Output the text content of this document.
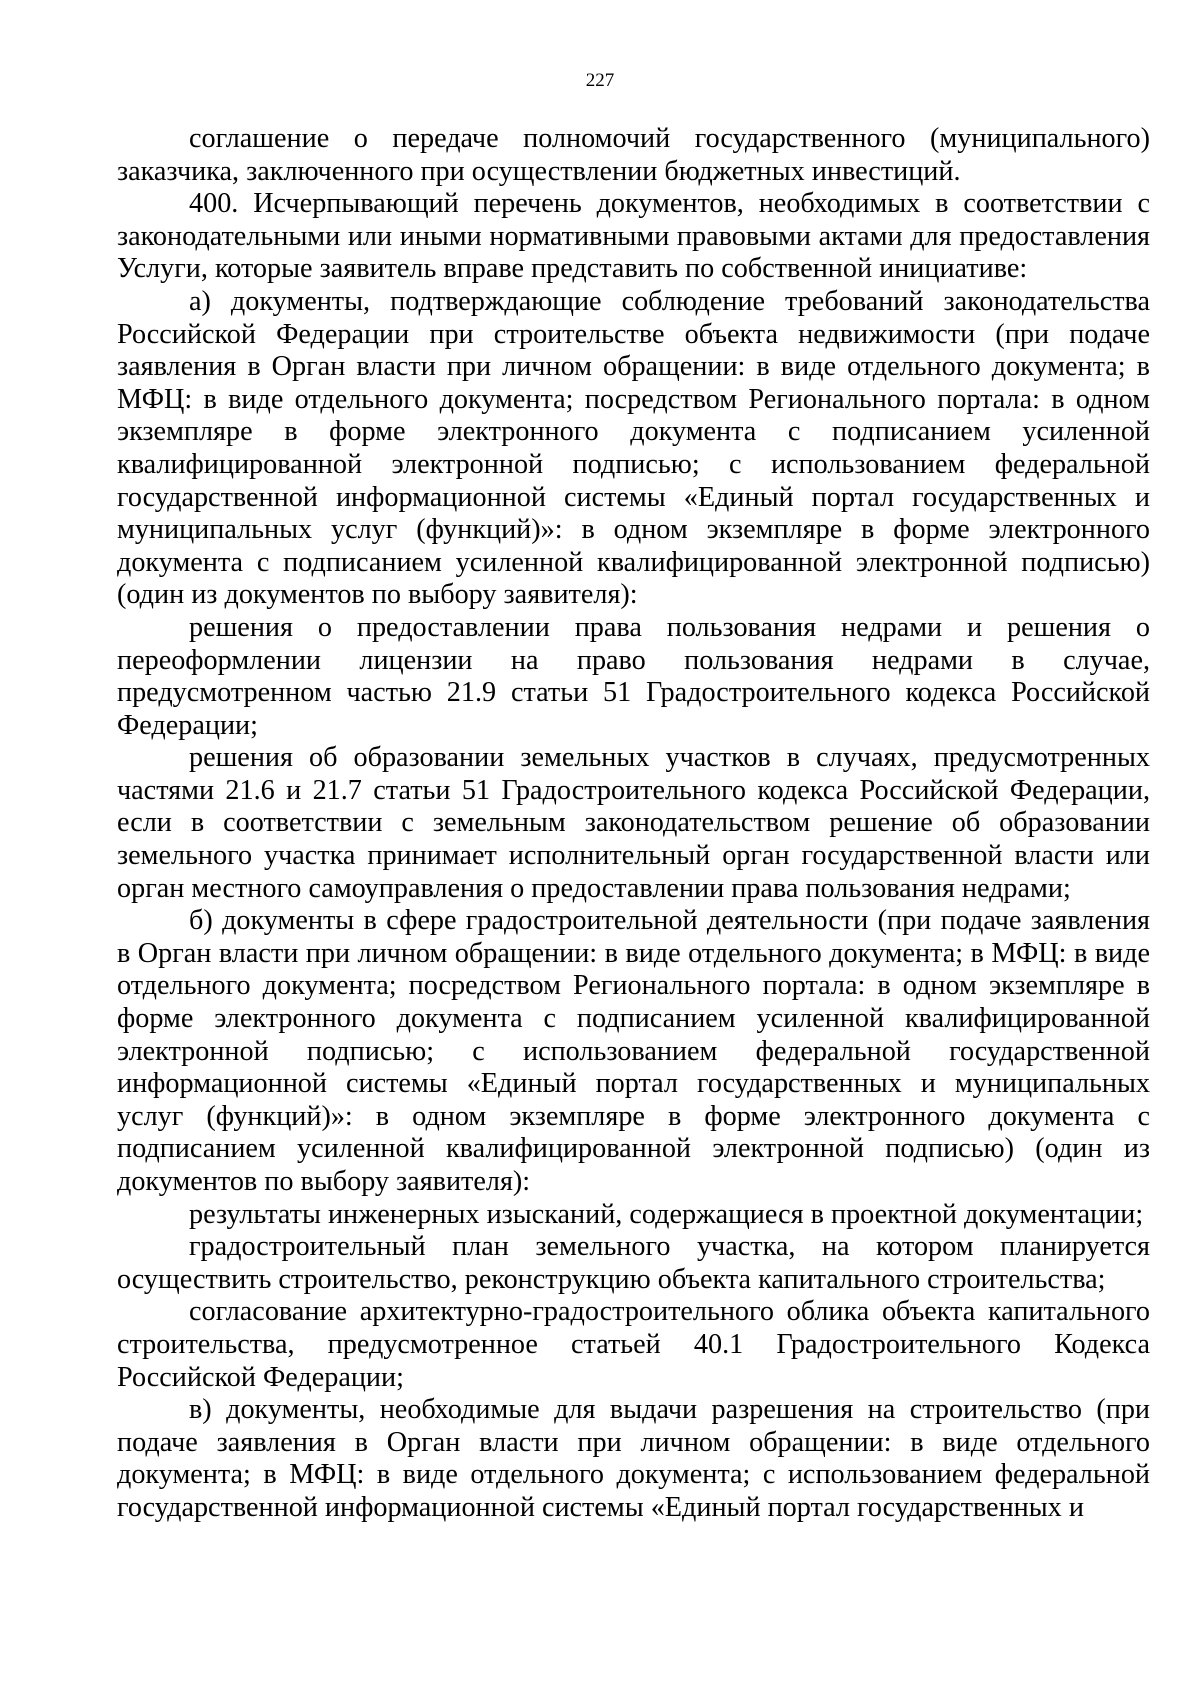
227

соглашение о передаче полномочий государственного (муниципального) заказчика, заключенного при осуществлении бюджетных инвестиций.

400. Исчерпывающий перечень документов, необходимых в соответствии с законодательными или иными нормативными правовыми актами для предоставления Услуги, которые заявитель вправе представить по собственной инициативе:

а) документы, подтверждающие соблюдение требований законодательства Российской Федерации при строительстве объекта недвижимости (при подаче заявления в Орган власти при личном обращении: в виде отдельного документа; в МФЦ: в виде отдельного документа; посредством Регионального портала: в одном экземпляре в форме электронного документа с подписанием усиленной квалифицированной электронной подписью; с использованием федеральной государственной информационной системы «Единый портал государственных и муниципальных услуг (функций)»: в одном экземпляре в форме электронного документа с подписанием усиленной квалифицированной электронной подписью) (один из документов по выбору заявителя):

решения о предоставлении права пользования недрами и решения о переоформлении лицензии на право пользования недрами в случае, предусмотренном частью 21.9 статьи 51 Градостроительного кодекса Российской Федерации;

решения об образовании земельных участков в случаях, предусмотренных частями 21.6 и 21.7 статьи 51 Градостроительного кодекса Российской Федерации, если в соответствии с земельным законодательством решение об образовании земельного участка принимает исполнительный орган государственной власти или орган местного самоуправления о предоставлении права пользования недрами;

б) документы в сфере градостроительной деятельности (при подаче заявления в Орган власти при личном обращении: в виде отдельного документа; в МФЦ: в виде отдельного документа; посредством Регионального портала: в одном экземпляре в форме электронного документа с подписанием усиленной квалифицированной электронной подписью; с использованием федеральной государственной информационной системы «Единый портал государственных и муниципальных услуг (функций)»: в одном экземпляре в форме электронного документа с подписанием усиленной квалифицированной электронной подписью) (один из документов по выбору заявителя):

результаты инженерных изысканий, содержащиеся в проектной документации;

градостроительный план земельного участка, на котором планируется осуществить строительство, реконструкцию объекта капитального строительства;

согласование архитектурно-градостроительного облика объекта капитального строительства, предусмотренное статьей 40.1 Градостроительного Кодекса Российской Федерации;

в) документы, необходимые для выдачи разрешения на строительство (при подаче заявления в Орган власти при личном обращении: в виде отдельного документа; в МФЦ: в виде отдельного документа; с использованием федеральной государственной информационной системы «Единый портал государственных и
